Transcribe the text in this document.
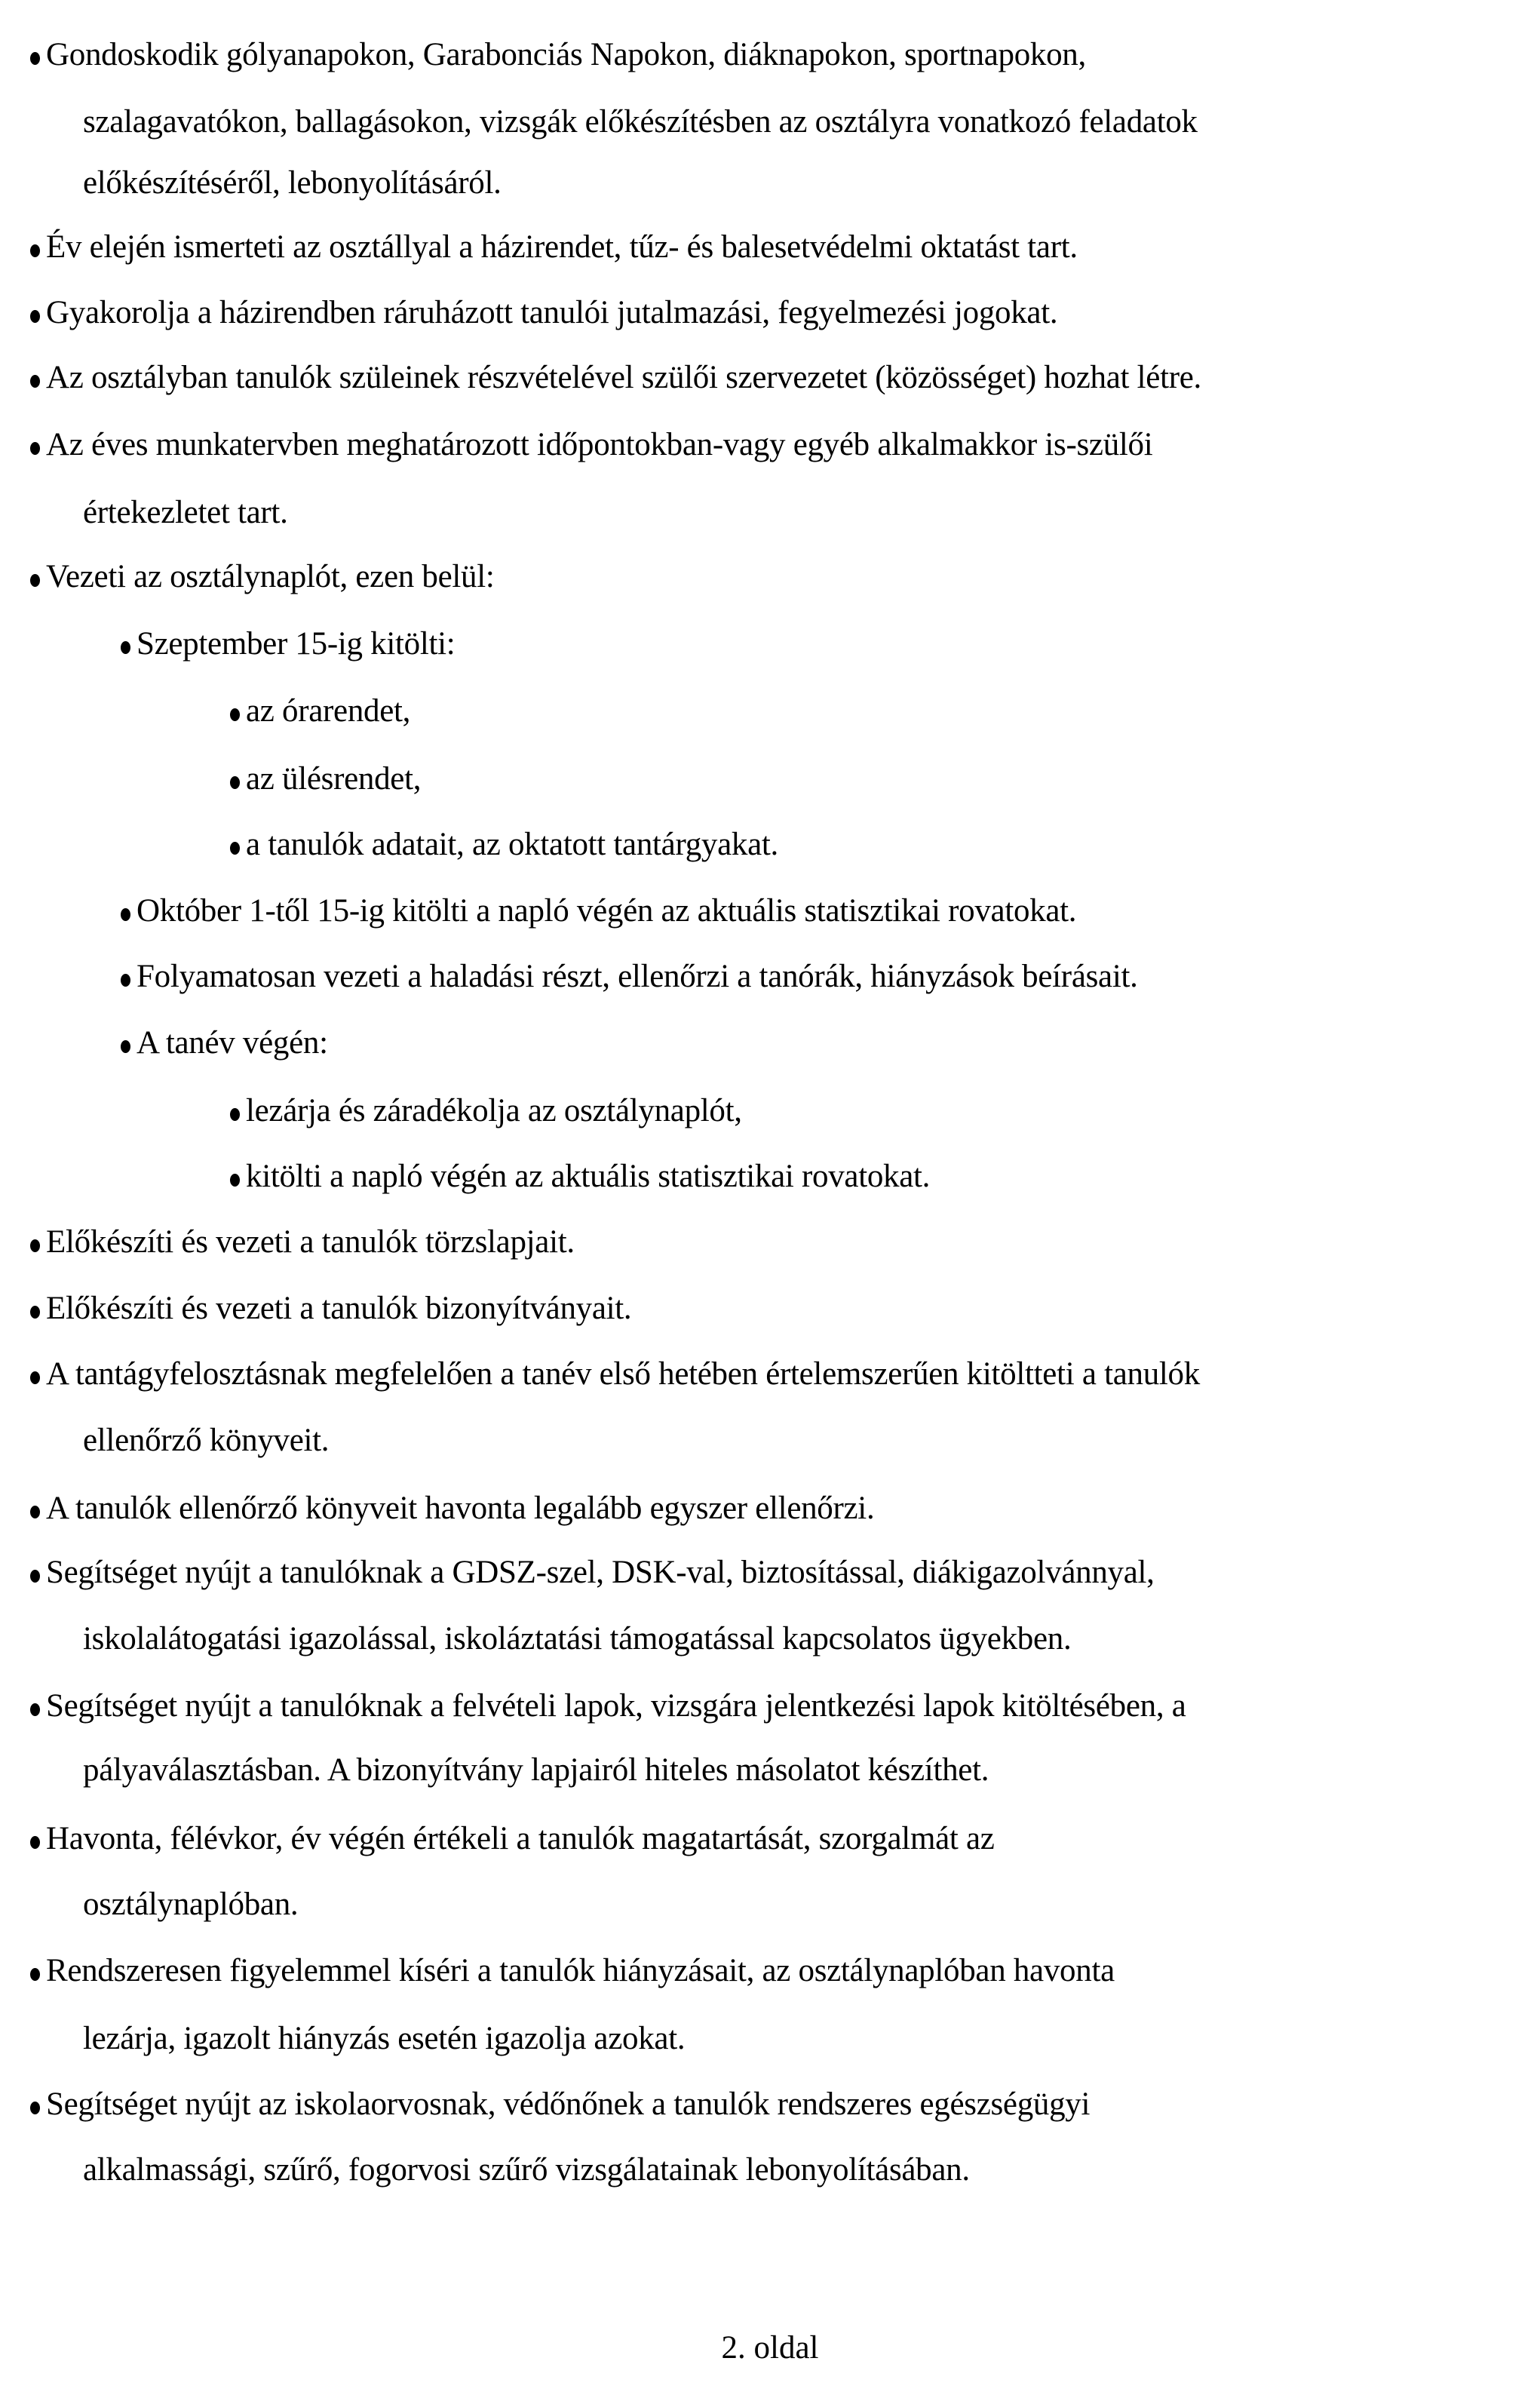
Gondoskodik gólyanapokon, Garabonciás Napokon, diáknapokon, sportnapokon,
szalagavatókon, ballagásokon, vizsgák előkészítésben az osztályra vonatkozó feladatok
előkészítéséről, lebonyolításáról.
Év elején ismerteti az osztállyal a házirendet, tűz- és balesetvédelmi oktatást tart.
Gyakorolja a házirendben ráruházott tanulói jutalmazási, fegyelmezési jogokat.
Az osztályban tanulók szüleinek részvételével szülői szervezetet (közösséget) hozhat létre.
Az éves munkatervben meghatározott időpontokban-vagy egyéb alkalmakkor is-szülői
értekezletet tart.
Vezeti az osztálynaplót, ezen belül:
Szeptember 15-ig kitölti:
az órarendet,
az ülésrendet,
a tanulók adatait, az oktatott tantárgyakat.
Október 1-től 15-ig kitölti a napló végén az aktuális statisztikai rovatokat.
Folyamatosan vezeti a haladási részt, ellenőrzi a tanórák, hiányzások beírásait.
A tanév végén:
lezárja és záradékolja az osztálynaplót,
kitölti a napló végén az aktuális statisztikai rovatokat.
Előkészíti és vezeti a tanulók törzslapjait.
Előkészíti és vezeti a tanulók bizonyítványait.
A tantágyfelosztásnak megfelelően a tanév első hetében értelemszerűen kitöltteti a tanulók
ellenőrző könyveit.
A tanulók ellenőrző könyveit havonta legalább egyszer ellenőrzi.
Segítséget nyújt a tanulóknak a GDSZ-szel, DSK-val, biztosítással, diákigazolvánnyal,
iskolalátogatási igazolással, iskoláztatási támogatással kapcsolatos ügyekben.
Segítséget nyújt a tanulóknak a felvételi lapok, vizsgára jelentkezési lapok kitöltésében, a
pályaválasztásban. A bizonyítvány lapjairól hiteles másolatot készíthet.
Havonta, félévkor, év végén értékeli a tanulók magatartását, szorgalmát az
osztálynaplóban.
Rendszeresen figyelemmel kíséri a tanulók hiányzásait, az osztálynaplóban havonta
lezárja, igazolt hiányzás esetén igazolja azokat.
Segítséget nyújt az iskolaorvosnak, védőnőnek a tanulók rendszeres egészségügyi
alkalmassági, szűrő, fogorvosi szűrő vizsgálatainak lebonyolításában.
2. oldal
